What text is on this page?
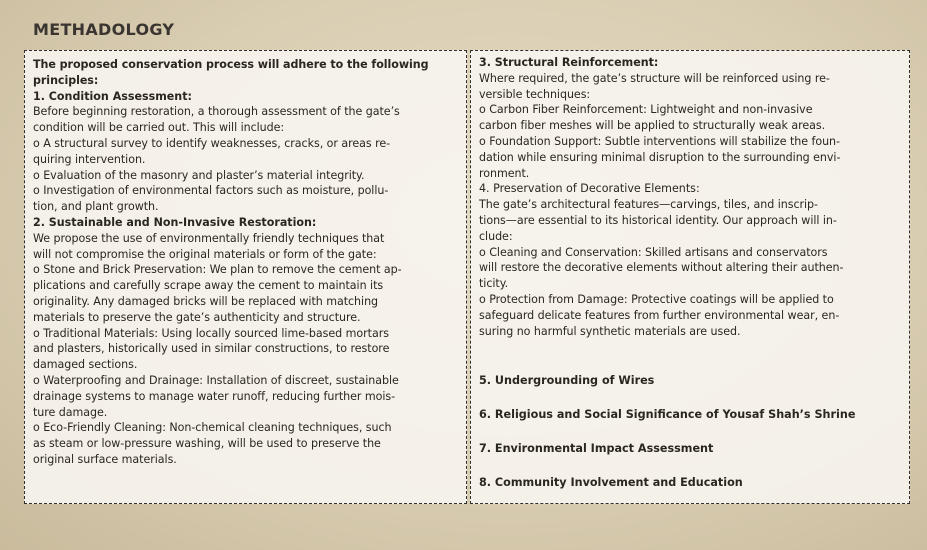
METHADOLOGY

The proposed conservation process will adhere to the following
principles:

1. Condition Assessment:

Before beginning restoration, a thorough assessment of the gate’s
condition will be carried out. This will include:
o A structural survey to identify weaknesses, cracks, or areas re-
quiring intervention.
o Evaluation of the masonry and plaster’s material integrity.
o Investigation of environmental factors such as moisture, pollu-
tion, and plant growth.

2. Sustainable and Non-Invasive Restoration:

We propose the use of environmentally friendly techniques that
will not compromise the original materials or form of the gate:
o Stone and Brick Preservation: We plan to remove the cement ap-
plications and carefully scrape away the cement to maintain its
originality. Any damaged bricks will be replaced with matching
materials to preserve the gate’s authenticity and structure.
o Traditional Materials: Using locally sourced lime-based mortars
and plasters, historically used in similar constructions, to restore
damaged sections.
o Waterproofing and Drainage: Installation of discreet, sustainable
drainage systems to manage water runoff, reducing further mois-
ture damage.
o Eco-Friendly Cleaning: Non-chemical cleaning techniques, such
as steam or low-pressure washing, will be used to preserve the
original surface materials.

3. Structural Reinforcement:

Where required, the gate’s structure will be reinforced using re-
versible techniques:
o Carbon Fiber Reinforcement: Lightweight and non-invasive
carbon fiber meshes will be applied to structurally weak areas.
o Foundation Support: Subtle interventions will stabilize the foun-
dation while ensuring minimal disruption to the surrounding envi-
ronment.

4. Preservation of Decorative Elements:

The gate’s architectural features—carvings, tiles, and inscrip-
tions—are essential to its historical identity. Our approach will in-
clude:
o Cleaning and Conservation: Skilled artisans and conservators
will restore the decorative elements without altering their authen-
ticity.
o Protection from Damage: Protective coatings will be applied to
safeguard delicate features from further environmental wear, en-
suring no harmful synthetic materials are used.

5. Undergrounding of Wires
6. Religious and Social Significance of Yousaf Shah’s Shrine
7. Environmental Impact Assessment
8. Community Involvement and Education
